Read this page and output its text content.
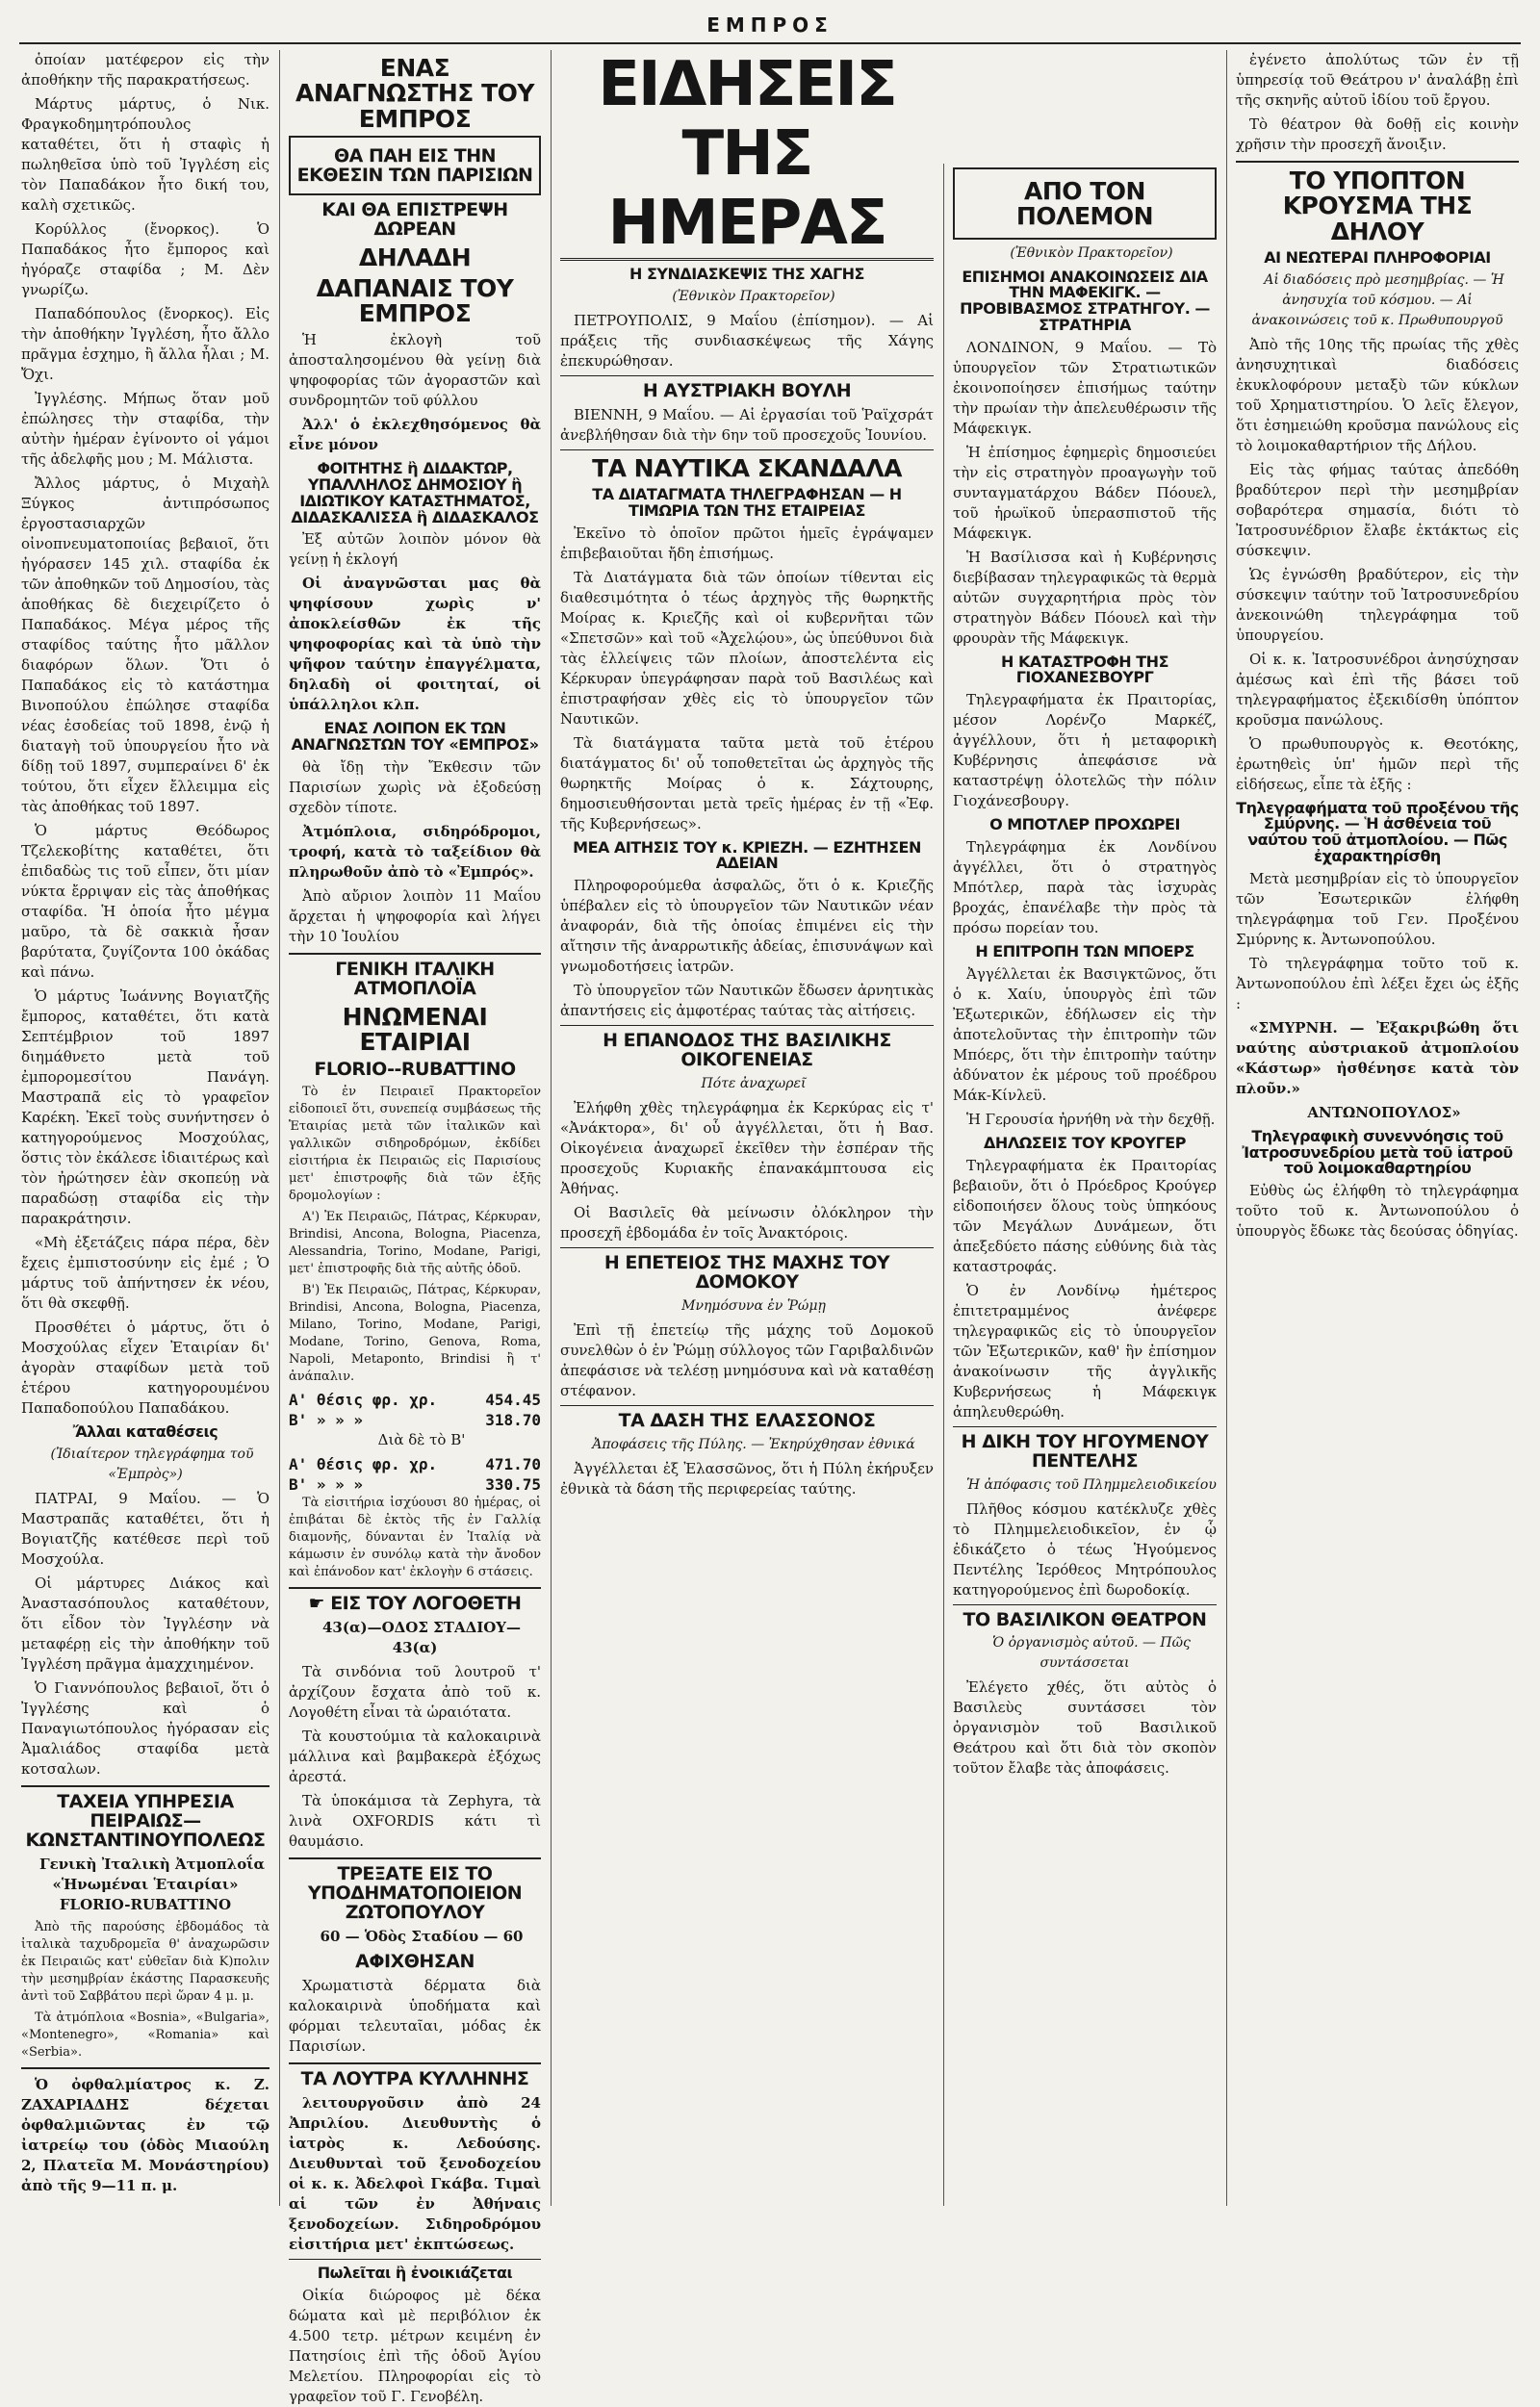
ΕΜΠΡΟΣ

ὁποίαν ματέφερον εἰς τὴν ἀποθήκην τῆς παρακρατήσεως.

Μάρτυς μάρτυς, ὁ Νικ. Φραγκοδημητρόπουλος καταθέτει, ὅτι ἡ σταφὶς ἡ πωληθεῖσα ὑπὸ τοῦ Ἰγγλέση εἰς τὸν Παπαδάκον ἦτο δική του, καλὴ σχετικῶς.

Κορύλλος (ἔνορκος). Ὁ Παπαδάκος ἦτο ἔμπορος καὶ ἠγόραζε σταφίδα ; Μ. Δὲν γνωρίζω.

Παπαδόπουλος (ἔνορκος). Εἰς τὴν ἀποθήκην Ἰγγλέση, ἦτο ἄλλο πρᾶγμα ἐσχημο, ἢ ἄλλα ἦλαι ; Μ. Ὄχι.

Ἰγγλέσης. Μήπως ὅταν μοῦ ἐπώλησες τὴν σταφίδα, τὴν αὐτὴν ἡμέραν ἐγίνοντο οἱ γάμοι τῆς ἀδελφῆς μου ; Μ. Μάλιστα.

Ἄλλος μάρτυς, ὁ Μιχαὴλ Ξύγκος ἀντιπρόσωπος ἐργοστασιαρχῶν οἰνοπνευματοποιίας βεβαιοῖ, ὅτι ἠγόρασεν 145 χιλ. σταφίδα ἐκ τῶν ἀποθηκῶν τοῦ Δημοσίου, τὰς ἀποθήκας δὲ διεχειρίζετο ὁ Παπαδάκος. Μέγα μέρος τῆς σταφίδος ταύτης ἦτο μᾶλλον διαφόρων ὅλων. Ὅτι ὁ Παπαδάκος εἰς τὸ κατάστημα Βινοπούλου ἐπώλησε σταφίδα νέας ἐσοδείας τοῦ 1898, ἐνῷ ἡ διαταγὴ τοῦ ὑπουργείου ἦτο νὰ δίδῃ τοῦ 1897, συμπεραίνει δ' ἐκ τούτου, ὅτι εἶχεν ἔλλειμμα εἰς τὰς ἀποθήκας τοῦ 1897.

Ὁ μάρτυς Θεόδωρος Τζελεκοβίτης καταθέτει, ὅτι ἐπιδαδὼς τις τοῦ εἶπεν, ὅτι μίαν νύκτα ἔρριψαν εἰς τὰς ἀποθήκας σταφίδα. Ἡ ὁποία ἦτο μέγμα μαῦρο, τὰ δὲ σακκιὰ ἦσαν βαρύτατα, ζυγίζοντα 100 ὀκάδας καὶ πάνω.

Ὁ μάρτυς Ἰωάννης Βογιατζῆς ἔμπορος, καταθέτει, ὅτι κατὰ Σεπτέμβριον τοῦ 1897 διημάθνετο μετὰ τοῦ ἐμπορομεσίτου Πανάγη. Μαστραπᾶ εἰς τὸ γραφεῖον Καρέκη. Ἐκεῖ τοὺς συνήντησεν ὁ κατηγορούμενος Μοσχούλας, ὅστις τὸν ἐκάλεσε ἰδιαιτέρως καὶ τὸν ἠρώτησεν ἐὰν σκοπεύῃ νὰ παραδώσῃ σταφίδα εἰς τὴν παρακράτησιν.

«Μὴ ἐξετάζεις πάρα πέρα, δὲν ἔχεις ἐμπιστοσύνην εἰς ἐμέ ; Ὁ μάρτυς τοῦ ἀπήντησεν ἐκ νέου, ὅτι θὰ σκεφθῇ.

Προσθέτει ὁ μάρτυς, ὅτι ὁ Μοσχούλας εἶχεν Ἐταιρίαν δι' ἀγορὰν σταφίδων μετὰ τοῦ ἑτέρου κατηγορουμένου Παπαδοπούλου Παπαδάκου.

Ἄλλαι καταθέσεις

(Ἰδιαίτερον τηλεγράφημα τοῦ «Ἐμπρὸς»)

ΠΑΤΡΑΙ, 9 Μαΐου. — Ὁ Μαστραπᾶς καταθέτει, ὅτι ἡ Βογιατζῆς κατέθεσε περὶ τοῦ Μοσχούλα.

Οἱ μάρτυρες Διάκος καὶ Ἀναστασόπουλος καταθέτουν, ὅτι εἶδον τὸν Ἰγγλέσην νὰ μεταφέρῃ εἰς τὴν ἀποθήκην τοῦ Ἰγγλέση πρᾶγμα ἀμαχχιημένον.

Ὁ Γιαννόπουλος βεβαιοῖ, ὅτι ὁ Ἰγγλέσης καὶ ὁ Παναγιωτόπουλος ἠγόρασαν εἰς Ἀμαλιάδος σταφίδα μετὰ κοτσαλων.

ΤΑΧΕΙΑ ΥΠΗΡΕΣΙΑ ΠΕΙΡΑΙΩΣ—ΚΩΝΣΤΑΝΤΙΝΟΥΠΟΛΕΩΣ

Γενικὴ Ἰταλικὴ Ἀτμοπλοΐα «Ἡνωμέναι Ἑταιρίαι» FLORIO-RUBATTINO

Ἀπὸ τῆς παρούσης ἑβδομάδος τὰ ἰταλικὰ ταχυδρομεῖα θ' ἀναχωρῶσιν ἐκ Πειραιῶς κατ' εὐθεῖαν διὰ Κ)πολιν τὴν μεσημβρίαν ἑκάστης Παρασκευῆς ἀντὶ τοῦ Σαββάτου περὶ ὥραν 4 μ. μ.

Τὰ ἀτμόπλοια «Bosnia», «Bulgaria», «Montenegro», «Romania» καὶ «Serbia».

Ὁ ὀφθαλμίατρος κ. Ζ. ΖΑΧΑΡΙΑΔΗΣ δέχεται ὀφθαλμιῶντας ἐν τῷ ἰατρείῳ του (ὁδὸς Μιαούλη 2, Πλατεῖα Μ. Μονάστηρίου) ἀπὸ τῆς 9—11 π. μ.

ΕΝΑΣ ΑΝΑΓΝΩΣΤΗΣ ΤΟΥ ΕΜΠΡΟΣ
ΘΑ ΠΑΗ ΕΙΣ ΤΗΝ ΕΚΘΕΣΙΝ ΤΩΝ ΠΑΡΙΣΙΩΝ
ΚΑΙ ΘΑ ΕΠΙΣΤΡΕΨΗ ΔΩΡΕΑΝ
ΔΗΛΑΔΗ
ΔΑΠΑΝΑΙΣ ΤΟΥ ΕΜΠΡΟΣ

Ἡ ἐκλογὴ τοῦ ἀποσταλησομένου θὰ γείνῃ διὰ ψηφοφορίας τῶν ἀγοραστῶν καὶ συνδρομητῶν τοῦ φύλλου

Ἀλλ' ὁ ἐκλεχθησόμενος θὰ εἶνε μόνον

ΦΟΙΤΗΤΗΣ ἢ ΔΙΔΑΚΤΩΡ, ΥΠΑΛΛΗΛΟΣ ΔΗΜΟΣΙΟΥ ἢ ΙΔΙΩΤΙΚΟΥ ΚΑΤΑΣΤΗΜΑΤΟΣ, ΔΙΔΑΣΚΑΛΙΣΣΑ ἢ ΔΙΔΑΣΚΑΛΟΣ

Ἐξ αὐτῶν λοιπὸν μόνον θὰ γείνῃ ἡ ἐκλογή

Οἱ ἀναγνῶσται μας θὰ ψηφίσουν χωρὶς ν' ἀποκλείσθῶν ἐκ τῆς ψηφοφορίας καὶ τὰ ὑπὸ τὴν ψῆφον ταύτην ἐπαγγέλματα, δηλαδὴ οἱ φοιτηταί, οἱ ὑπάλληλοι κλπ.

ΕΝΑΣ ΛΟΙΠΟΝ ΕΚ ΤΩΝ ΑΝΑΓΝΩΣΤΩΝ ΤΟΥ «ΕΜΠΡΟΣ»

θὰ ἴδῃ τὴν Ἔκθεσιν τῶν Παρισίων χωρὶς νὰ ἐξοδεύσῃ σχεδὸν τίποτε.

Ἀτμόπλοια, σιδηρόδρομοι, τροφή, κατὰ τὸ ταξείδιον θὰ πληρωθοῦν ἀπὸ τὸ «Ἐμπρός».

Ἀπὸ αὔριον λοιπὸν 11 Μαΐου ἄρχεται ἡ ψηφοφορία καὶ λήγει τὴν 10 Ἰουλίου

ΓΕΝΙΚΗ ΙΤΑΛΙΚΗ ΑΤΜΟΠΛΟΪΑ
ΗΝΩΜΕΝΑΙ ΕΤΑΙΡΙΑΙ
FLORIO--RUBATTINO

Τὸ ἐν Πειραιεῖ Πρακτορεῖον εἰδοποιεῖ ὅτι, συνεπείᾳ συμβάσεως τῆς Ἑταιρίας μετὰ τῶν ἰταλικῶν καὶ γαλλικῶν σιδηροδρόμων, ἐκδίδει εἰσιτήρια ἐκ Πειραιῶς εἰς Παρισίους μετ' ἐπιστροφῆς διὰ τῶν ἑξῆς δρομολογίων :

Α') Ἐκ Πειραιῶς, Πάτρας, Κέρκυραν, Brindisi, Ancona, Bologna, Piacenza, Alessandria, Torino, Modane, Parigi, μετ' ἐπιστροφῆς διὰ τῆς αὐτῆς ὁδοῦ.

Β') Ἐκ Πειραιῶς, Πάτρας, Κέρκυραν, Brindisi, Ancona, Bologna, Piacenza, Milano, Torino, Modane, Parigi, Modane, Torino, Genova, Roma, Napoli, Metaponto, Brindisi ἢ τ' ἀνάπαλιν.

Α' θέσις φρ. χρ.	454.45
Β' » » »	318.70

Διὰ δὲ τὸ Β'

Α' θέσις φρ. χρ.	471.70
Β' » » »	330.75

Τὰ εἰσιτήρια ἰσχύουσι 80 ἡμέρας, οἱ ἐπιβάται δὲ ἐκτὸς τῆς ἐν Γαλλίᾳ διαμονῆς, δύνανται ἐν Ἰταλίᾳ νὰ κάμωσιν ἐν συνόλῳ κατὰ τὴν ἄνοδον καὶ ἐπάνοδον κατ' ἐκλογὴν 6 στάσεις.

☛ ΕΙΣ ΤΟΥ ΛΟΓΟΘΕΤΗ

43(α)—ΟΔΟΣ ΣΤΑΔΙΟΥ—43(α)

Τὰ σινδόνια τοῦ λουτροῦ τ' ἀρχίζουν ἔσχατα ἀπὸ τοῦ κ. Λογοθέτη εἶναι τὰ ὡραιότατα.

Τὰ κουστούμια τὰ καλοκαιρινὰ μάλλινα καὶ βαμβακερὰ ἐξόχως ἀρεστά.

Τὰ ὑποκάμισα τὰ Zephyra, τὰ λινὰ OXFORDIS κάτι τὶ θαυμάσιο.

ΤΡΕΞΑΤΕ ΕΙΣ ΤΟ ΥΠΟΔΗΜΑΤΟΠΟΙΕΙΟΝ ΖΩΤΟΠΟΥΛΟΥ

60 — Ὁδὸς Σταδίου — 60

ΑΦΙΧΘΗΣΑΝ

Χρωματιστὰ δέρματα διὰ καλοκαιρινὰ ὑποδήματα καὶ φόρμαι τελευταῖαι, μόδας ἐκ Παρισίων.

ΤΑ ΛΟΥΤΡΑ ΚΥΛΛΗΝΗΣ

λειτουργοῦσιν ἀπὸ 24 Ἀπριλίου. Διευθυντὴς ὁ ἰατρὸς κ. Λεδούσης. Διευθυνταὶ τοῦ ξενοδοχείου οἱ κ. κ. Ἀδελφοὶ Γκάβα. Τιμαὶ αἱ τῶν ἐν Ἀθήναις ξενοδοχείων. Σιδηροδρόμου εἰσιτήρια μετ' ἐκπτώσεως.

Πωλεῖται ἢ ἐνοικιάζεται

Οἰκία διώροφος μὲ δέκα δώματα καὶ μὲ περιβόλιον ἐκ 4.500 τετρ. μέτρων κειμένη ἐν Πατησίοις ἐπὶ τῆς ὁδοῦ Ἁγίου Μελετίου. Πληροφορίαι εἰς τὸ γραφεῖον τοῦ Γ. Γενοβέλη.

ΕΙΔΗΣΕΙΣ ΤΗΣ ΗΜΕΡΑΣ
Η ΣΥΝΔΙΑΣΚΕΨΙΣ ΤΗΣ ΧΑΓΗΣ

(Ἐθνικὸν Πρακτορεῖον)

ΠΕΤΡΟΥΠΟΛΙΣ, 9 Μαΐου (ἐπίσημον). — Αἱ πράξεις τῆς συνδιασκέψεως τῆς Χάγης ἐπεκυρώθησαν.

Η ΑΥΣΤΡΙΑΚΗ ΒΟΥΛΗ

ΒΙΕΝΝΗ, 9 Μαΐου. — Αἱ ἐργασίαι τοῦ Ῥαϊχσράτ ἀνεβλήθησαν διὰ τὴν 6ην τοῦ προσεχοῦς Ἰουνίου.

ΤΑ ΝΑΥΤΙΚΑ ΣΚΑΝΔΑΛΑ
ΤΑ ΔΙΑΤΑΓΜΑΤΑ ΤΗΛΕΓΡΑΦΗΣΑΝ — Η ΤΙΜΩΡΙΑ ΤΩΝ ΤΗΣ ΕΤΑΙΡΕΙΑΣ

Ἐκεῖνο τὸ ὁποῖον πρῶτοι ἡμεῖς ἐγράψαμεν ἐπιβεβαιοῦται ἤδη ἐπισήμως.

Τὰ Διατάγματα διὰ τῶν ὁποίων τίθενται εἰς διαθεσιμότητα ὁ τέως ἀρχηγὸς τῆς θωρηκτῆς Μοίρας κ. Κριεζῆς καὶ οἱ κυβερνῆται τῶν «Σπετσῶν» καὶ τοῦ «Ἀχελῴου», ὡς ὑπεύθυνοι διὰ τὰς ἐλλείψεις τῶν πλοίων, ἀποστελέντα εἰς Κέρκυραν ὑπεγράφησαν παρὰ τοῦ Βασιλέως καὶ ἐπιστραφήσαν χθὲς εἰς τὸ ὑπουργεῖον τῶν Ναυτικῶν.

Τὰ διατάγματα ταῦτα μετὰ τοῦ ἑτέρου διατάγματος δι' οὗ τοποθετεῖται ὡς ἀρχηγὸς τῆς θωρηκτῆς Μοίρας ὁ κ. Σάχτουρης, δημοσιευθήσονται μετὰ τρεῖς ἡμέρας ἐν τῇ «Ἐφ. τῆς Κυβερνήσεως».

ΜΕΑ ΑΙΤΗΣΙΣ ΤΟΥ κ. ΚΡΙΕΖΗ. — ΕΖΗΤΗΣΕΝ ΑΔΕΙΑΝ

Πληροφορούμεθα ἀσφαλῶς, ὅτι ὁ κ. Κριεζῆς ὑπέβαλεν εἰς τὸ ὑπουργεῖον τῶν Ναυτικῶν νέαν ἀναφοράν, διὰ τῆς ὁποίας ἐπιμένει εἰς τὴν αἴτησιν τῆς ἀναρρωτικῆς ἀδείας, ἐπισυνάψων καὶ γνωμοδοτήσεις ἰατρῶν.

Τὸ ὑπουργεῖον τῶν Ναυτικῶν ἔδωσεν ἀρνητικὰς ἀπαντήσεις εἰς ἀμφοτέρας ταύτας τὰς αἰτήσεις.

Η ΕΠΑΝΟΔΟΣ ΤΗΣ ΒΑΣΙΛΙΚΗΣ ΟΙΚΟΓΕΝΕΙΑΣ

Πότε ἀναχωρεῖ

Ἐλήφθη χθὲς τηλεγράφημα ἐκ Κερκύρας εἰς τ' «Ἀνάκτορα», δι' οὗ ἀγγέλλεται, ὅτι ἡ Βασ. Οἰκογένεια ἀναχωρεῖ ἐκεῖθεν τὴν ἑσπέραν τῆς προσεχοῦς Κυριακῆς ἐπανακάμπτουσα εἰς Ἀθήνας.

Οἱ Βασιλεῖς θὰ μείνωσιν ὀλόκληρον τὴν προσεχῆ ἑβδομάδα ἐν τοῖς Ἀνακτόροις.

Η ΕΠΕΤΕΙΟΣ ΤΗΣ ΜΑΧΗΣ ΤΟΥ ΔΟΜΟΚΟΥ

Μνημόσυνα ἐν Ῥώμῃ

Ἐπὶ τῇ ἐπετείῳ τῆς μάχης τοῦ Δομοκοῦ συνελθὼν ὁ ἐν Ῥώμῃ σύλλογος τῶν Γαριβαλδινῶν ἀπεφάσισε νὰ τελέσῃ μνημόσυνα καὶ νὰ καταθέσῃ στέφανον.

ΤΑ ΔΑΣΗ ΤΗΣ ΕΛΑΣΣΟΝΟΣ

Ἀποφάσεις τῆς Πύλης. — Ἐκηρύχθησαν ἐθνικά

Ἀγγέλλεται ἐξ Ἐλασσῶνος, ὅτι ἡ Πύλη ἐκήρυξεν ἐθνικὰ τὰ δάση τῆς περιφερείας ταύτης.

ΑΠΟ ΤΟΝ ΠΟΛΕΜΟΝ

(Ἐθνικὸν Πρακτορεῖον)

ΕΠΙΣΗΜΟΙ ΑΝΑΚΟΙΝΩΣΕΙΣ ΔΙΑ ΤΗΝ ΜΑΦΕΚΙΓΚ. — ΠΡΟΒΙΒΑΣΜΟΣ ΣΤΡΑΤΗΓΟΥ. — ΣΤΡΑΤΗΡΙΑ

ΛΟΝΔΙΝΟΝ, 9 Μαΐου. — Τὸ ὑπουργεῖον τῶν Στρατιωτικῶν ἐκοινοποίησεν ἐπισήμως ταύτην τὴν πρωίαν τὴν ἀπελευθέρωσιν τῆς Μάφεκιγκ.

Ἡ ἐπίσημος ἐφημερὶς δημοσιεύει τὴν εἰς στρατηγὸν προαγωγὴν τοῦ συνταγματάρχου Βάδεν Πόουελ, τοῦ ἡρωϊκοῦ ὑπερασπιστοῦ τῆς Μάφεκιγκ.

Ἡ Βασίλισσα καὶ ἡ Κυβέρνησις διεβίβασαν τηλεγραφικῶς τὰ θερμὰ αὐτῶν συγχαρητήρια πρὸς τὸν στρατηγὸν Βάδεν Πόουελ καὶ τὴν φρουρὰν τῆς Μάφεκιγκ.

Η ΚΑΤΑΣΤΡΟΦΗ ΤΗΣ ΓΙΟΧΑΝΕΣΒΟΥΡΓ

Τηλεγραφήματα ἐκ Πραιτορίας, μέσον Λορένζο Μαρκέζ, ἀγγέλλουν, ὅτι ἡ μεταφορικὴ Κυβέρνησις ἀπεφάσισε νὰ καταστρέψῃ ὁλοτελῶς τὴν πόλιν Γιοχάνεσβουργ.

Ο ΜΠΟΤΛΕΡ ΠΡΟΧΩΡΕΙ

Τηλεγράφημα ἐκ Λονδίνου ἀγγέλλει, ὅτι ὁ στρατηγὸς Μπότλερ, παρὰ τὰς ἰσχυρὰς βροχάς, ἐπανέλαβε τὴν πρὸς τὰ πρόσω πορείαν του.

Η ΕΠΙΤΡΟΠΗ ΤΩΝ ΜΠΟΕΡΣ

Ἀγγέλλεται ἐκ Βασιγκτῶνος, ὅτι ὁ κ. Χαίυ, ὑπουργὸς ἐπὶ τῶν Ἐξωτερικῶν, ἐδήλωσεν εἰς τὴν ἀποτελοῦντας τὴν ἐπιτροπὴν τῶν Μπόερς, ὅτι τὴν ἐπιτροπὴν ταύτην ἀδύνατον ἐκ μέρους τοῦ προέδρου Μάκ-Κίνλεϋ.

Ἡ Γερουσία ἠρνήθη νὰ τὴν δεχθῇ.

ΔΗΛΩΣΕΙΣ ΤΟΥ ΚΡΟΥΓΕΡ

Τηλεγραφήματα ἐκ Πραιτορίας βεβαιοῦν, ὅτι ὁ Πρόεδρος Κρούγερ εἰδοποιήσεν ὅλους τοὺς ὑπηκόους τῶν Μεγάλων Δυνάμεων, ὅτι ἀπεξεδύετο πάσης εὐθύνης διὰ τὰς καταστροφάς.

Ὁ ἐν Λονδίνῳ ἡμέτερος ἐπιτετραμμένος ἀνέφερε τηλεγραφικῶς εἰς τὸ ὑπουργεῖον τῶν Ἐξωτερικῶν, καθ' ἣν ἐπίσημον ἀνακοίνωσιν τῆς ἀγγλικῆς Κυβερνήσεως ἡ Μάφεκιγκ ἀπηλευθερώθη.

Η ΔΙΚΗ ΤΟΥ ΗΓΟΥΜΕΝΟΥ ΠΕΝΤΕΛΗΣ

Ἡ ἀπόφασις τοῦ Πλημμελειοδικείου

Πλῆθος κόσμου κατέκλυζε χθὲς τὸ Πλημμελειοδικεῖον, ἐν ᾧ ἐδικάζετο ὁ τέως Ἡγούμενος Πεντέλης Ἱερόθεος Μητρόπουλος κατηγορούμενος ἐπὶ δωροδοκίᾳ.

ΤΟ ΒΑΣΙΛΙΚΟΝ ΘΕΑΤΡΟΝ

Ὁ ὀργανισμὸς αὐτοῦ. — Πῶς συντάσσεται

Ἐλέγετο χθές, ὅτι αὐτὸς ὁ Βασιλεὺς συντάσσει τὸν ὀργανισμὸν τοῦ Βασιλικοῦ Θεάτρου καὶ ὅτι διὰ τὸν σκοπὸν τοῦτον ἔλαβε τὰς ἀποφάσεις.

ἐγένετο ἀπολύτως τῶν ἐν τῇ ὑπηρεσίᾳ τοῦ Θεάτρου ν' ἀναλάβῃ ἐπὶ τῆς σκηνῆς αὐτοῦ ἰδίου τοῦ ἔργου.

Τὸ θέατρον θὰ δοθῇ εἰς κοινὴν χρῆσιν τὴν προσεχῆ ἄνοιξιν.

ΤΟ ΥΠΟΠΤΟΝ ΚΡΟΥΣΜΑ ΤΗΣ ΔΗΛΟΥ
ΑΙ ΝΕΩΤΕΡΑΙ ΠΛΗΡΟΦΟΡΙΑΙ

Αἱ διαδόσεις πρὸ μεσημβρίας. — Ἡ ἀνησυχία τοῦ κόσμου. — Αἱ ἀνακοινώσεις τοῦ κ. Πρωθυπουργοῦ

Ἀπὸ τῆς 10ης τῆς πρωίας τῆς χθὲς ἀνησυχητικαὶ διαδόσεις ἐκυκλοφόρουν μεταξὺ τῶν κύκλων τοῦ Χρηματιστηρίου. Ὁ λεῖς ἔλεγον, ὅτι ἐσημειώθη κροῦσμα πανώλους εἰς τὸ λοιμοκαθαρτήριον τῆς Δήλου.

Εἰς τὰς φήμας ταύτας ἀπεδόθη βραδύτερον περὶ τὴν μεσημβρίαν σοβαρότερα σημασία, διότι τὸ Ἰατροσυνέδριον ἔλαβε ἐκτάκτως εἰς σύσκεψιν.

Ὡς ἐγνώσθη βραδύτερον, εἰς τὴν σύσκεψιν ταύτην τοῦ Ἰατροσυνεδρίου ἀνεκοινώθη τηλεγράφημα τοῦ ὑπουργείου.

Οἱ κ. κ. Ἰατροσυνέδροι ἀνησύχησαν ἀμέσως καὶ ἐπὶ τῆς βάσει τοῦ τηλεγραφήματος ἐξεκιδίσθη ὑπόπτον κροῦσμα πανώλους.

Ὁ πρωθυπουργὸς κ. Θεοτόκης, ἐρωτηθεὶς ὑπ' ἡμῶν περὶ τῆς εἰδήσεως, εἶπε τὰ ἑξῆς :

Τηλεγραφήματα τοῦ προξένου τῆς Σμύρνης. — Ἡ ἀσθένεια τοῦ ναύτου τοῦ ἀτμοπλοίου. — Πῶς ἐχαρακτηρίσθη

Μετὰ μεσημβρίαν εἰς τὸ ὑπουργεῖον τῶν Ἐσωτερικῶν ἐλήφθη τηλεγράφημα τοῦ Γεν. Προξένου Σμύρνης κ. Ἀντωνοπούλου.

Τὸ τηλεγράφημα τοῦτο τοῦ κ. Ἀντωνοπούλου ἐπὶ λέξει ἔχει ὡς ἑξῆς :

«ΣΜΥΡΝΗ. — Ἐξακριβώθη ὅτι ναύτης αὐστριακοῦ ἀτμοπλοίου «Κάστωρ» ἠσθένησε κατὰ τὸν πλοῦν.»

ΑΝΤΩΝΟΠΟΥΛΟΣ»

Τηλεγραφικὴ συνεννόησις τοῦ Ἰατροσυνεδρίου μετὰ τοῦ ἰατροῦ τοῦ λοιμοκαθαρτηρίου

Εὐθὺς ὡς ἐλήφθη τὸ τηλεγράφημα τοῦτο τοῦ κ. Ἀντωνοπούλου ὁ ὑπουργὸς ἔδωκε τὰς δεούσας ὁδηγίας.
